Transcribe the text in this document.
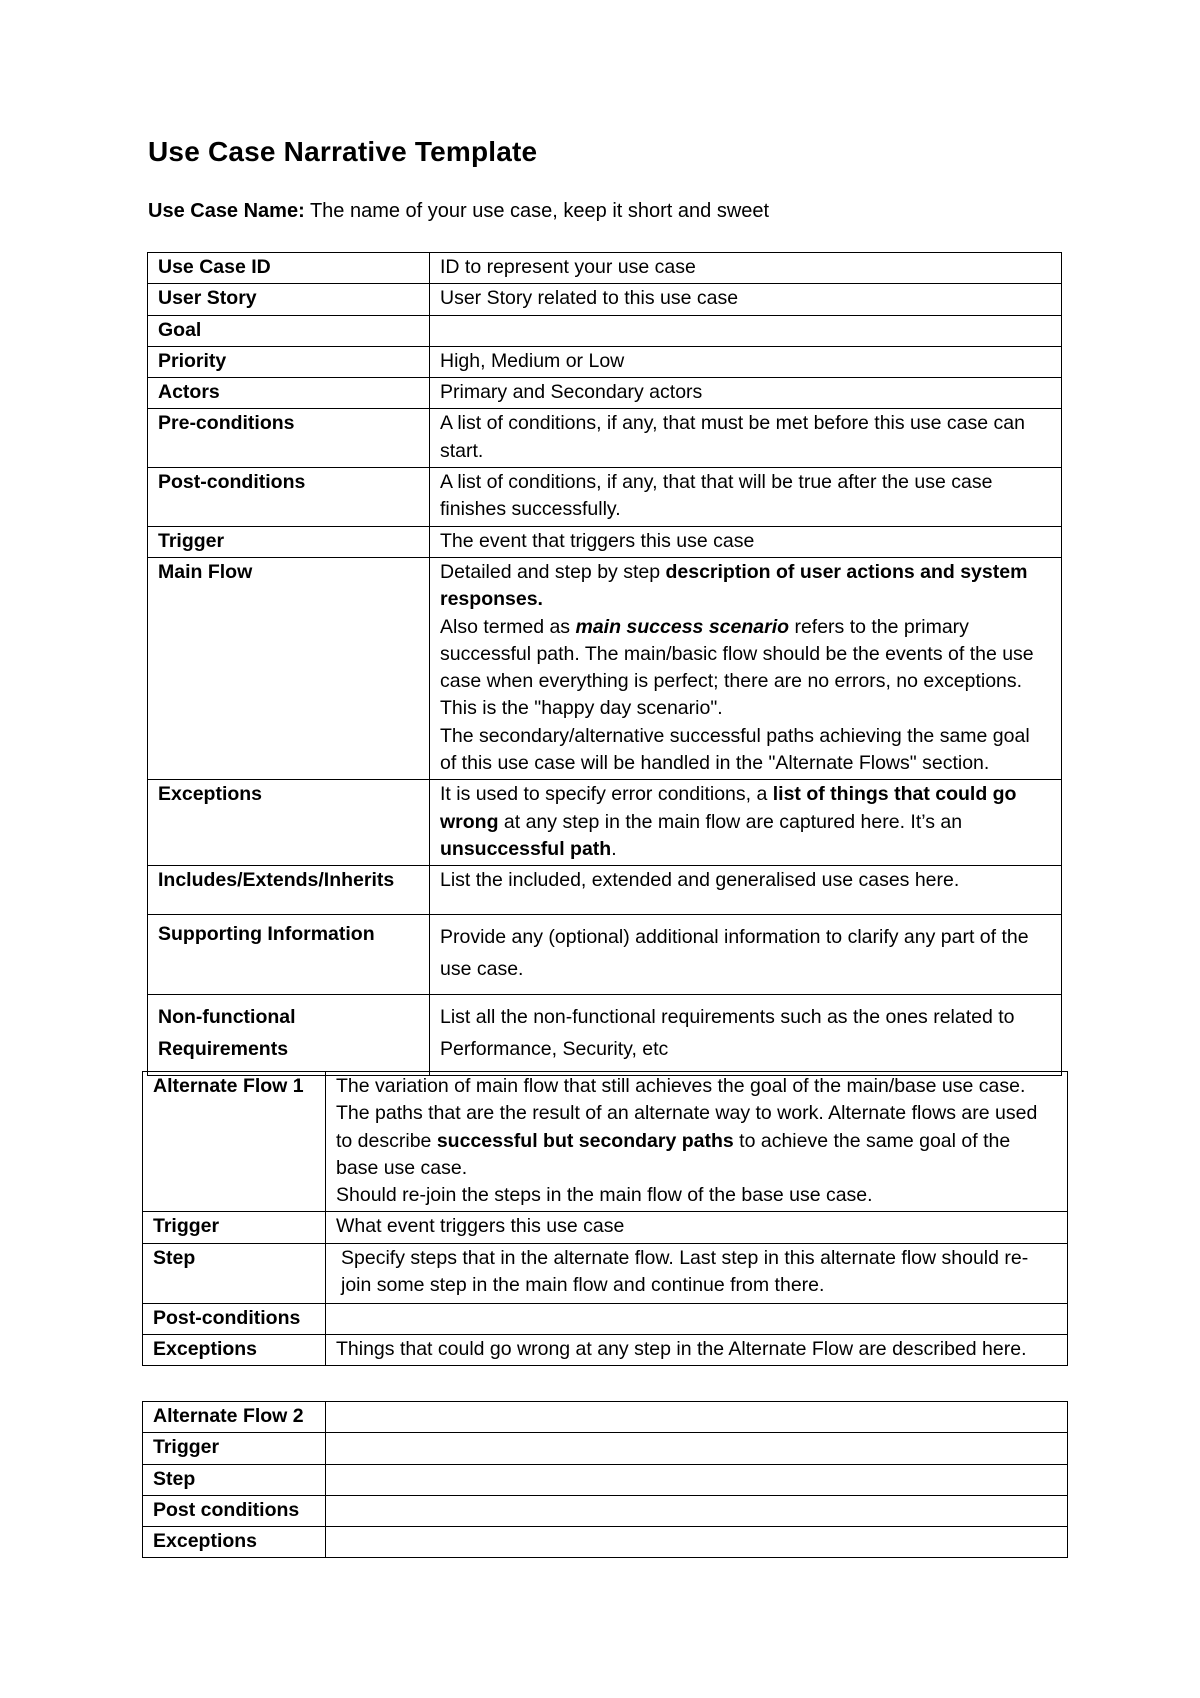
Use Case Narrative Template
Use Case Name: The name of your use case, keep it short and sweet
Use Case ID	ID to represent your use case
User Story	User Story related to this use case
Goal	
Priority	High, Medium or Low
Actors	Primary and Secondary actors
Pre-conditions	A list of conditions, if any, that must be met before this use case can start.
Post-conditions	A list of conditions, if any, that that will be true after the use case finishes successfully.
Trigger	The event that triggers this use case
Main Flow	Detailed and step by step description of user actions and system responses.
Also termed as main success scenario refers to the primary successful path. The main/basic flow should be the events of the use case when everything is perfect; there are no errors, no exceptions. This is the "happy day scenario".
The secondary/alternative successful paths achieving the same goal of this use case will be handled in the "Alternate Flows" section.

Exceptions	It is used to specify error conditions, a list of things that could go wrong at any step in the main flow are captured here. It’s an unsuccessful path.
Includes/Extends/Inherits	List the included, extended and generalised use cases here.
Supporting Information	Provide any (optional) additional information to clarify any part of the use case.
Non-functional Requirements	List all the non-functional requirements such as the ones related to Performance, Security, etc
Alternate Flow 1	The variation of main flow that still achieves the goal of the main/base use case. The paths that are the result of an alternate way to work. Alternate flows are used to describe successful but secondary paths to achieve the same goal of the base use case.
Should re-join the steps in the main flow of the base use case.

Trigger	What event triggers this use case
Step	Specify steps that in the alternate flow. Last step in this alternate flow should re-join some step in the main flow and continue from there.
Post-conditions	
Exceptions	Things that could go wrong at any step in the Alternate Flow are described here.
Alternate Flow 2	
Trigger	
Step	
Post conditions	
Exceptions	
